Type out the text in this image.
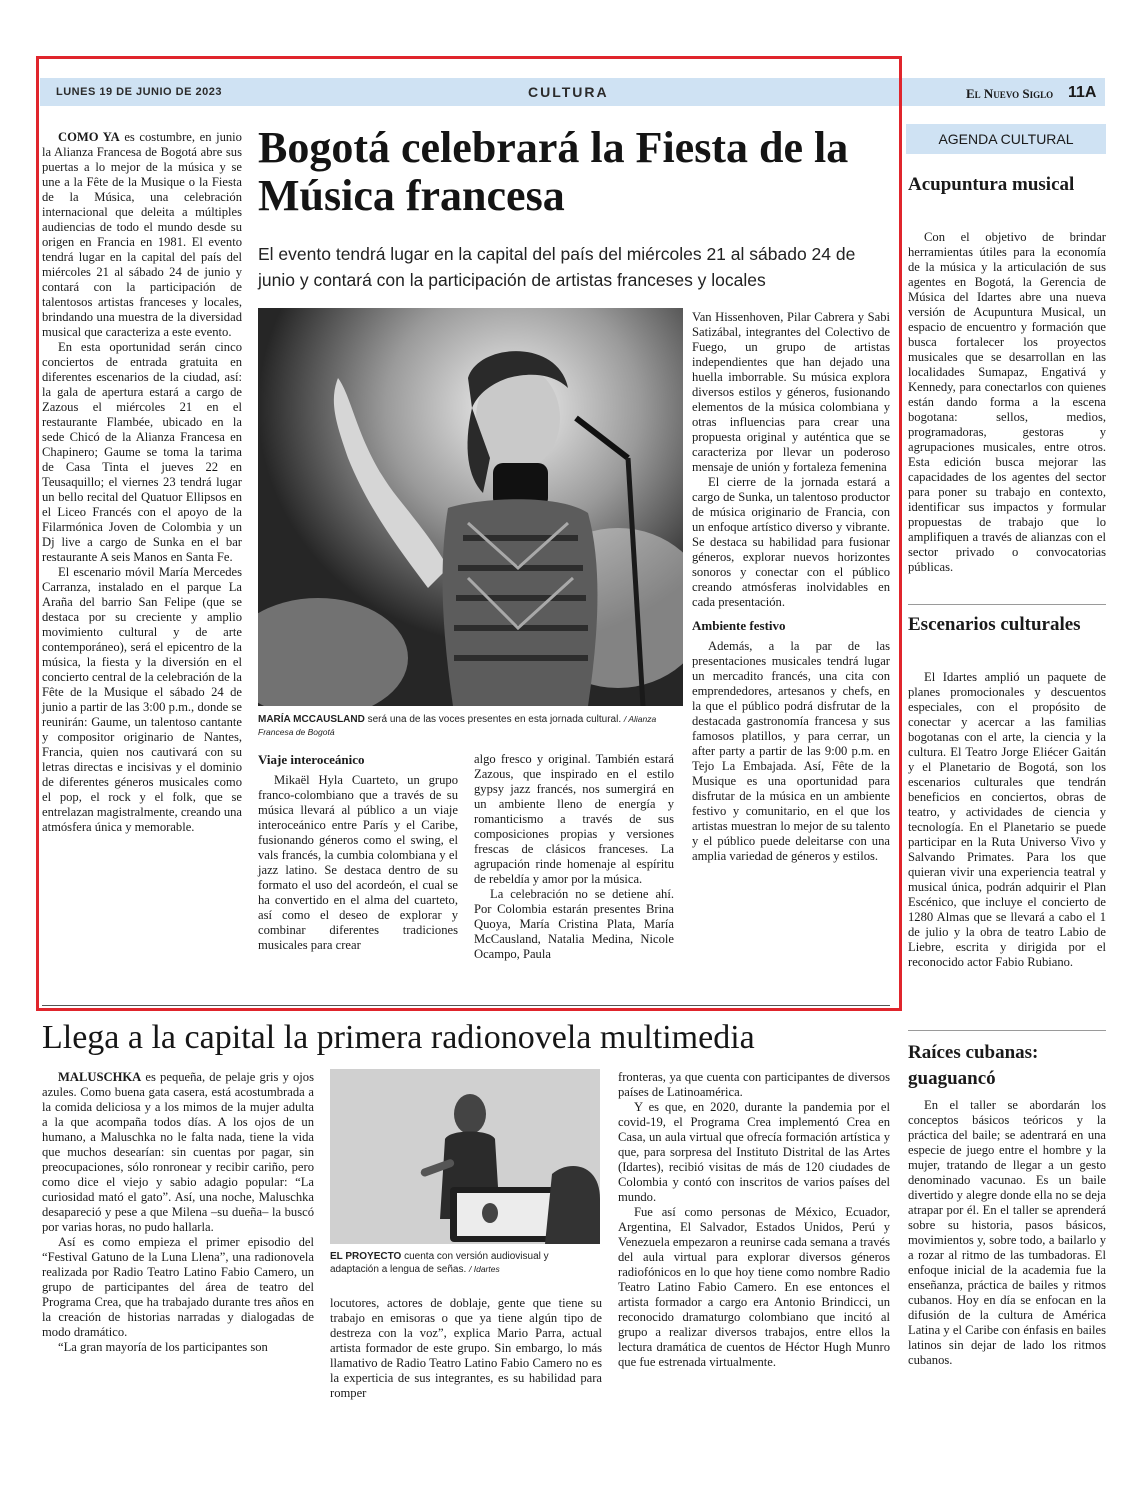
LUNES 19 DE JUNIO DE 2023	CULTURA	El Nuevo Siglo 11A

COMO YA es costumbre, en junio la Alianza Francesa de Bogotá abre sus puertas a lo mejor de la música y se une a la Fête de la Musique o la Fiesta de la Música, una celebración internacional que deleita a múltiples audiencias de todo el mundo desde su origen en Francia en 1981. El evento tendrá lugar en la capital del país del miércoles 21 al sábado 24 de junio y contará con la participación de talentosos artistas franceses y locales, brindando una muestra de la diversidad musical que caracteriza a este evento.

En esta oportunidad serán cinco conciertos de entrada gratuita en diferentes escenarios de la ciudad, así: la gala de apertura estará a cargo de Zazous el miércoles 21 en el restaurante Flambée, ubicado en la sede Chicó de la Alianza Francesa en Chapinero; Gaume se toma la tarima de Casa Tinta el jueves 22 en Teusaquillo; el viernes 23 tendrá lugar un bello recital del Quatuor Ellipsos en el Liceo Francés con el apoyo de la Filarmónica Joven de Colombia y un Dj live a cargo de Sunka en el bar restaurante A seis Manos en Santa Fe.

El escenario móvil María Mercedes Carranza, instalado en el parque La Araña del barrio San Felipe (que se destaca por su creciente y amplio movimiento cultural y de arte contemporáneo), será el epicentro de la música, la fiesta y la diversión en el concierto central de la celebración de la Fête de la Musique el sábado 24 de junio a partir de las 3:00 p.m., donde se reunirán: Gaume, un talentoso cantante y compositor originario de Nantes, Francia, quien nos cautivará con su letras directas e incisivas y el dominio de diferentes géneros musicales como el pop, el rock y el folk, que se entrelazan magistralmente, creando una atmósfera única y memorable.

Bogotá celebrará la Fiesta de la Música francesa
El evento tendrá lugar en la capital del país del miércoles 21 al sábado 24 de junio y contará con la participación de artistas franceses y locales
MARÍA MCCAUSLAND será una de las voces presentes en esta jornada cultural. / Alianza Francesa de Bogotá
Viaje interoceánico

Mikaël Hyla Cuarteto, un grupo franco-colombiano que a través de su música llevará al público a un viaje interoceánico entre París y el Caribe, fusionando géneros como el swing, el vals francés, la cumbia colombiana y el jazz latino. Se destaca dentro de su formato el uso del acordeón, el cual se ha convertido en el alma del cuarteto, así como el deseo de explorar y combinar diferentes tradiciones musicales para crear

algo fresco y original. También estará Zazous, que inspirado en el estilo gypsy jazz francés, nos sumergirá en un ambiente lleno de energía y romanticismo a través de sus composiciones propias y versiones frescas de clásicos franceses. La agrupación rinde homenaje al espíritu de rebeldía y amor por la música.

La celebración no se detiene ahí. Por Colombia estarán presentes Brina Quoya, María Cristina Plata, María McCausland, Natalia Medina, Nicole Ocampo, Paula

Van Hissenhoven, Pilar Cabrera y Sabi Satizábal, integrantes del Colectivo de Fuego, un grupo de artistas independientes que han dejado una huella imborrable. Su música explora diversos estilos y géneros, fusionando elementos de la música colombiana y otras influencias para crear una propuesta original y auténtica que se caracteriza por llevar un poderoso mensaje de unión y fortaleza femenina

El cierre de la jornada estará a cargo de Sunka, un talentoso productor de música originario de Francia, con un enfoque artístico diverso y vibrante. Se destaca su habilidad para fusionar géneros, explorar nuevos horizontes sonoros y conectar con el público creando atmósferas inolvidables en cada presentación.

Ambiente festivo

Además, a la par de las presentaciones musicales tendrá lugar un mercadito francés, una cita con emprendedores, artesanos y chefs, en la que el público podrá disfrutar de la destacada gastronomía francesa y sus famosos platillos, y para cerrar, un after party a partir de las 9:00 p.m. en Tejo La Embajada. Así, Fête de la Musique es una oportunidad para disfrutar de la música en un ambiente festivo y comunitario, en el que los artistas muestran lo mejor de su talento y el público puede deleitarse con una amplia variedad de géneros y estilos.

AGENDA CULTURAL
Acupuntura musical

Con el objetivo de brindar herramientas útiles para la economía de la música y la articulación de sus agentes en Bogotá, la Gerencia de Música del Idartes abre una nueva versión de Acupuntura Musical, un espacio de encuentro y formación que busca fortalecer los proyectos musicales que se desarrollan en las localidades Sumapaz, Engativá y Kennedy, para conectarlos con quienes están dando forma a la escena bogotana: sellos, medios, programadoras, gestoras y agrupaciones musicales, entre otros. Esta edición busca mejorar las capacidades de los agentes del sector para poner su trabajo en contexto, identificar sus impactos y formular propuestas de trabajo que lo amplifiquen a través de alianzas con el sector privado o convocatorias públicas.

Escenarios culturales

El Idartes amplió un paquete de planes promocionales y descuentos especiales, con el propósito de conectar y acercar a las familias bogotanas con el arte, la ciencia y la cultura. El Teatro Jorge Eliécer Gaitán y el Planetario de Bogotá, son los escenarios culturales que tendrán beneficios en conciertos, obras de teatro, y actividades de ciencia y tecnología. En el Planetario se puede participar en la Ruta Universo Vivo y Salvando Primates. Para los que quieran vivir una experiencia teatral y musical única, podrán adquirir el Plan Escénico, que incluye el concierto de 1280 Almas que se llevará a cabo el 1 de julio y la obra de teatro Labio de Liebre, escrita y dirigida por el reconocido actor Fabio Rubiano.

Raíces cubanas: guaguancó

En el taller se abordarán los conceptos básicos teóricos y la práctica del baile; se adentrará en una especie de juego entre el hombre y la mujer, tratando de llegar a un gesto denominado vacunao. Es un baile divertido y alegre donde ella no se deja atrapar por él. En el taller se aprenderá sobre su historia, pasos básicos, movimientos y, sobre todo, a bailarlo y a rozar al ritmo de las tumbadoras. El enfoque inicial de la academia fue la enseñanza, práctica de bailes y ritmos cubanos. Hoy en día se enfocan en la difusión de la cultura de América Latina y el Caribe con énfasis en bailes latinos sin dejar de lado los ritmos cubanos.

Llega a la capital la primera radionovela multimedia

MALUSCHKA es pequeña, de pelaje gris y ojos azules. Como buena gata casera, está acostumbrada a la comida deliciosa y a los mimos de la mujer adulta a la que acompaña todos días. A los ojos de un humano, a Maluschka no le falta nada, tiene la vida que muchos desearían: sin cuentas por pagar, sin preocupaciones, sólo ronronear y recibir cariño, pero como dice el viejo y sabio adagio popular: “La curiosidad mató el gato”. Así, una noche, Maluschka desapareció y pese a que Milena –su dueña– la buscó por varias horas, no pudo hallarla.

Así es como empieza el primer episodio del “Festival Gatuno de la Luna Llena”, una radionovela realizada por Radio Teatro Latino Fabio Camero, un grupo de participantes del área de teatro del Programa Crea, que ha trabajado durante tres años en la creación de historias narradas y dialogadas de modo dramático.

“La gran mayoría de los participantes son

EL PROYECTO cuenta con versión audiovisual y adaptación a lengua de señas. / Idartes

locutores, actores de doblaje, gente que tiene su trabajo en emisoras o que ya tiene algún tipo de destreza con la voz”, explica Mario Parra, actual artista formador de este grupo. Sin embargo, lo más llamativo de Radio Teatro Latino Fabio Camero no es la experticia de sus integrantes, es su habilidad para romper

fronteras, ya que cuenta con participantes de diversos países de Latinoamérica.

Y es que, en 2020, durante la pandemia por el covid-19, el Programa Crea implementó Crea en Casa, un aula virtual que ofrecía formación artística y que, para sorpresa del Instituto Distrital de las Artes (Idartes), recibió visitas de más de 120 ciudades de Colombia y contó con inscritos de varios países del mundo.

Fue así como personas de México, Ecuador, Argentina, El Salvador, Estados Unidos, Perú y Venezuela empezaron a reunirse cada semana a través del aula virtual para explorar diversos géneros radiofónicos en lo que hoy tiene como nombre Radio Teatro Latino Fabio Camero. En ese entonces el artista formador a cargo era Antonio Brindicci, un reconocido dramaturgo colombiano que incitó al grupo a realizar diversos trabajos, entre ellos la lectura dramática de cuentos de Héctor Hugh Munro que fue estrenada virtualmente.
